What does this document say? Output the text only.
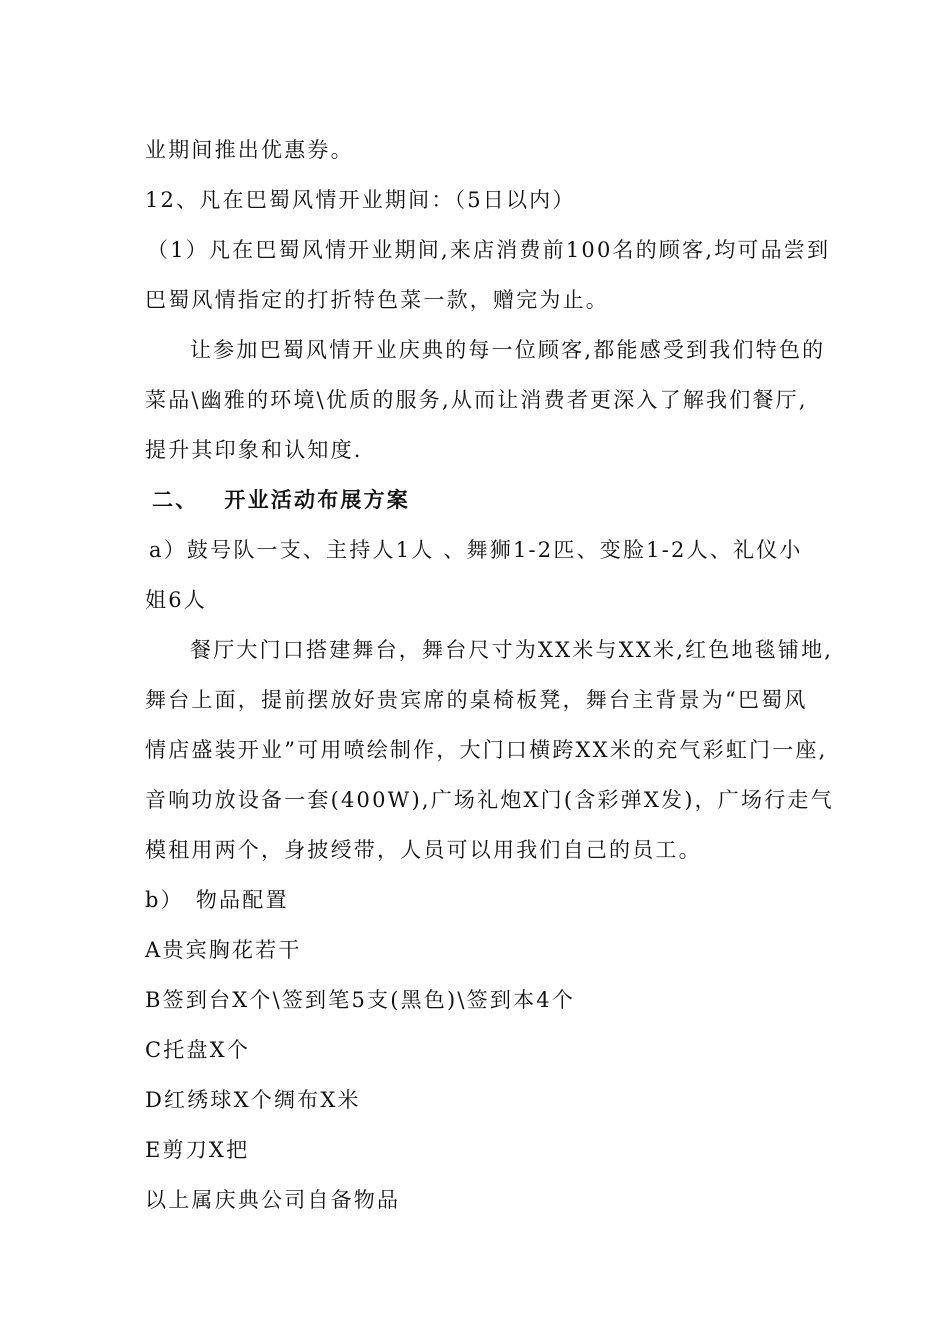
业期间推出优惠券。
12、凡在巴蜀风情开业期间：（5日以内）
（1）凡在巴蜀风情开业期间,来店消费前100名的顾客,均可品尝到
巴蜀风情指定的打折特色菜一款，赠完为止。
让参加巴蜀风情开业庆典的每一位顾客,都能感受到我们特色的
菜品\幽雅的环境\优质的服务,从而让消费者更深入了解我们餐厅,
提升其印象和认知度.
二、 开业活动布展方案
a）鼓号队一支、主持人1人 、舞狮1-2匹、变脸1-2人、礼仪小
姐6人
餐厅大门口搭建舞台，舞台尺寸为XX米与XX米,红色地毯铺地,
舞台上面，提前摆放好贵宾席的桌椅板凳，舞台主背景为“巴蜀风
情店盛装开业”可用喷绘制作，大门口横跨XX米的充气彩虹门一座,
音响功放设备一套(400W),广场礼炮X门(含彩弹X发)，广场行走气
模租用两个，身披绶带，人员可以用我们自己的员工。
b） 物品配置
A贵宾胸花若干
B签到台X个\签到笔5支(黑色)\签到本4个
C托盘X个
D红绣球X个绸布X米
E剪刀X把
以上属庆典公司自备物品
